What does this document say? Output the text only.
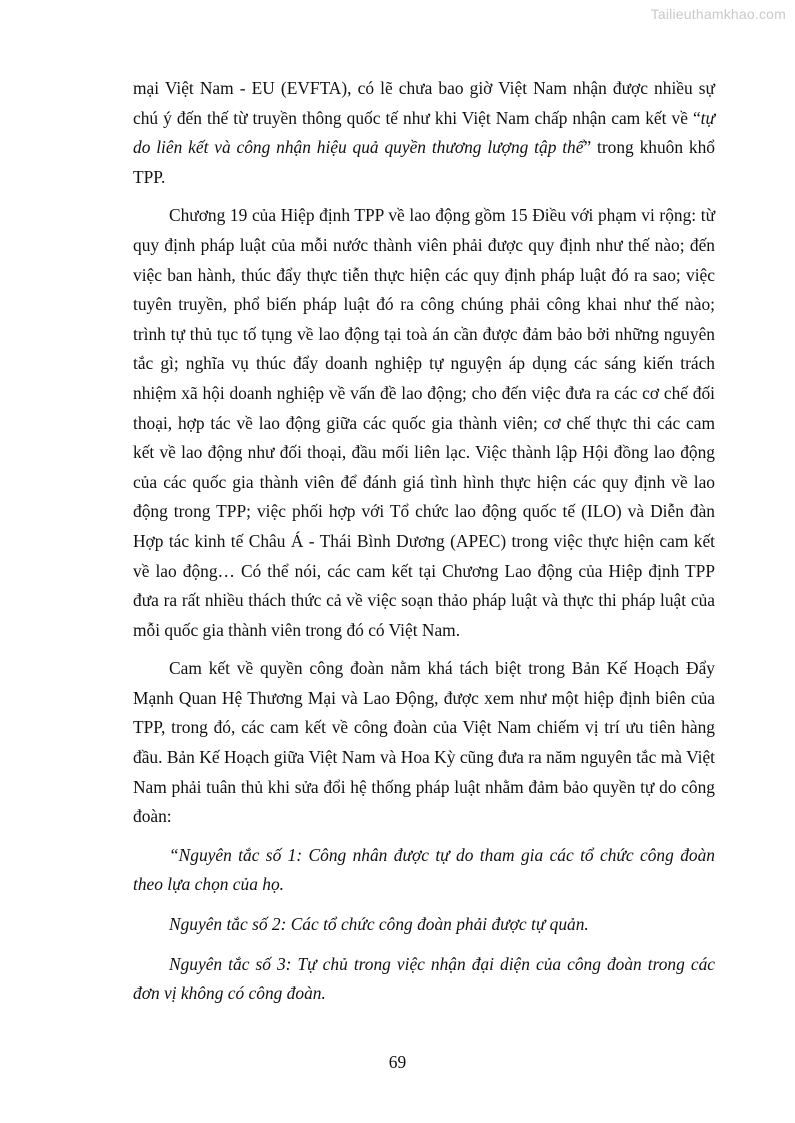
Tailieuthamkhao.com

mại Việt Nam - EU (EVFTA), có lẽ chưa bao giờ Việt Nam nhận được nhiều sự chú ý đến thế từ truyền thông quốc tế như khi Việt Nam chấp nhận cam kết về “tự do liên kết và công nhận hiệu quả quyền thương lượng tập thể” trong khuôn khổ TPP.

Chương 19 của Hiệp định TPP về lao động gồm 15 Điều với phạm vi rộng: từ quy định pháp luật của mỗi nước thành viên phải được quy định như thế nào; đến việc ban hành, thúc đẩy thực tiễn thực hiện các quy định pháp luật đó ra sao; việc tuyên truyền, phổ biến pháp luật đó ra công chúng phải công khai như thế nào; trình tự thủ tục tố tụng về lao động tại toà án cần được đảm bảo bởi những nguyên tắc gì; nghĩa vụ thúc đẩy doanh nghiệp tự nguyện áp dụng các sáng kiến trách nhiệm xã hội doanh nghiệp về vấn đề lao động; cho đến việc đưa ra các cơ chế đối thoại, hợp tác về lao động giữa các quốc gia thành viên; cơ chế thực thi các cam kết về lao động như đối thoại, đầu mối liên lạc. Việc thành lập Hội đồng lao động của các quốc gia thành viên để đánh giá tình hình thực hiện các quy định về lao động trong TPP; việc phối hợp với Tổ chức lao động quốc tế (ILO) và Diễn đàn Hợp tác kinh tế Châu Á - Thái Bình Dương (APEC) trong việc thực hiện cam kết về lao động… Có thể nói, các cam kết tại Chương Lao động của Hiệp định TPP đưa ra rất nhiều thách thức cả về việc soạn thảo pháp luật và thực thi pháp luật của mỗi quốc gia thành viên trong đó có Việt Nam.

Cam kết về quyền công đoàn nằm khá tách biệt trong Bản Kế Hoạch Đẩy Mạnh Quan Hệ Thương Mại và Lao Động, được xem như một hiệp định biên của TPP, trong đó, các cam kết về công đoàn của Việt Nam chiếm vị trí ưu tiên hàng đầu. Bản Kế Hoạch giữa Việt Nam và Hoa Kỳ cũng đưa ra năm nguyên tắc mà Việt Nam phải tuân thủ khi sửa đổi hệ thống pháp luật nhằm đảm bảo quyền tự do công đoàn:

“Nguyên tắc số 1: Công nhân được tự do tham gia các tổ chức công đoàn theo lựa chọn của họ.

Nguyên tắc số 2: Các tổ chức công đoàn phải được tự quản.

Nguyên tắc số 3: Tự chủ trong việc nhận đại diện của công đoàn trong các đơn vị không có công đoàn.

69
